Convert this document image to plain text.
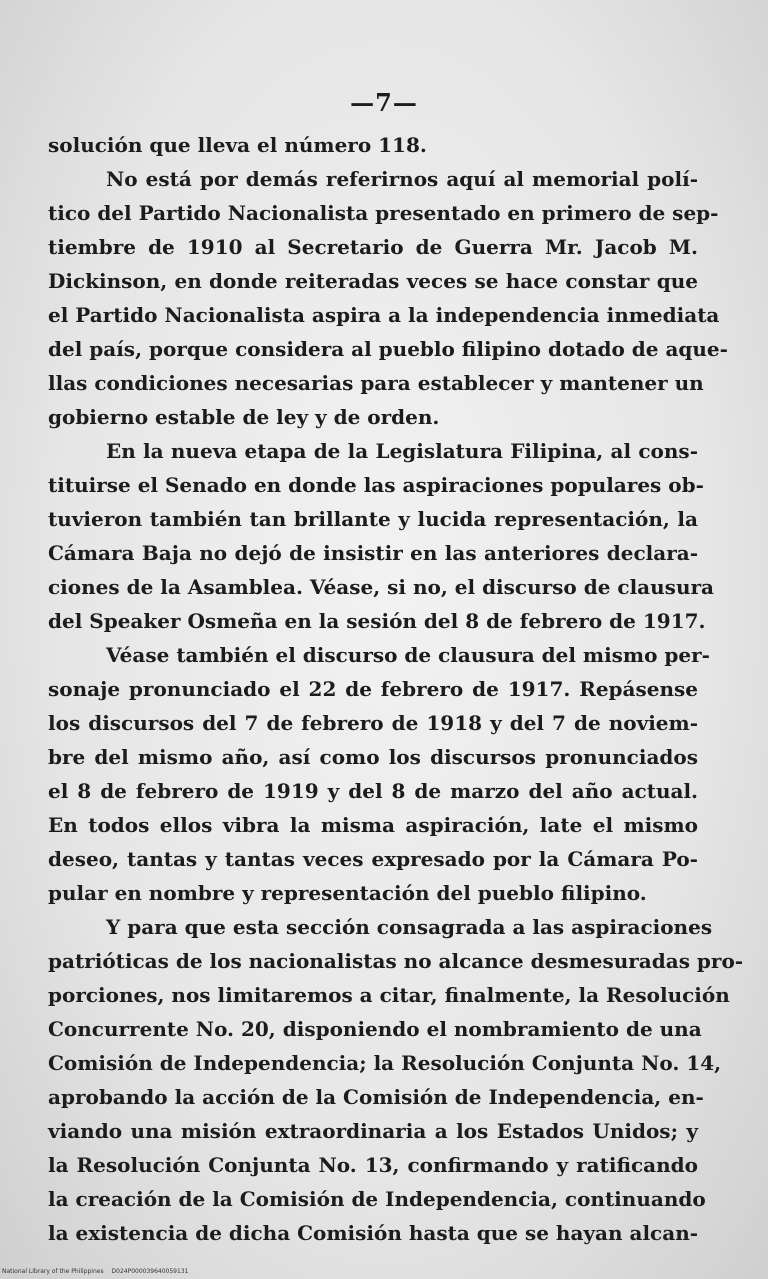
—7—
solución que lleva el número 118.
No está por demás referirnos aquí al memorial polí-
tico del Partido Nacionalista presentado en primero de sep-
tiembre de 1910 al Secretario de Guerra Mr. Jacob M.
Dickinson, en donde reiteradas veces se hace constar que
el Partido Nacionalista aspira a la independencia inmediata
del país, porque considera al pueblo filipino dotado de aque-
llas condiciones necesarias para establecer y mantener un
gobierno estable de ley y de orden.
En la nueva etapa de la Legislatura Filipina, al cons-
tituirse el Senado en donde las aspiraciones populares ob-
tuvieron también tan brillante y lucida representación, la
Cámara Baja no dejó de insistir en las anteriores declara-
ciones de la Asamblea. Véase, si no, el discurso de clausura
del Speaker Osmeña en la sesión del 8 de febrero de 1917.
Véase también el discurso de clausura del mismo per-
sonaje pronunciado el 22 de febrero de 1917. Repásense
los discursos del 7 de febrero de 1918 y del 7 de noviem-
bre del mismo año, así como los discursos pronunciados
el 8 de febrero de 1919 y del 8 de marzo del año actual.
En todos ellos vibra la misma aspiración, late el mismo
deseo, tantas y tantas veces expresado por la Cámara Po-
pular en nombre y representación del pueblo filipino.
Y para que esta sección consagrada a las aspiraciones
patrióticas de los nacionalistas no alcance desmesuradas pro-
porciones, nos limitaremos a citar, finalmente, la Resolución
Concurrente No. 20, disponiendo el nombramiento de una
Comisión de Independencia; la Resolución Conjunta No. 14,
aprobando la acción de la Comisión de Independencia, en-
viando una misión extraordinaria a los Estados Unidos; y
la Resolución Conjunta No. 13, confirmando y ratificando
la creación de la Comisión de Independencia, continuando
la existencia de dicha Comisión hasta que se hayan alcan-
National Library of the Philippines D024P000039640059131
